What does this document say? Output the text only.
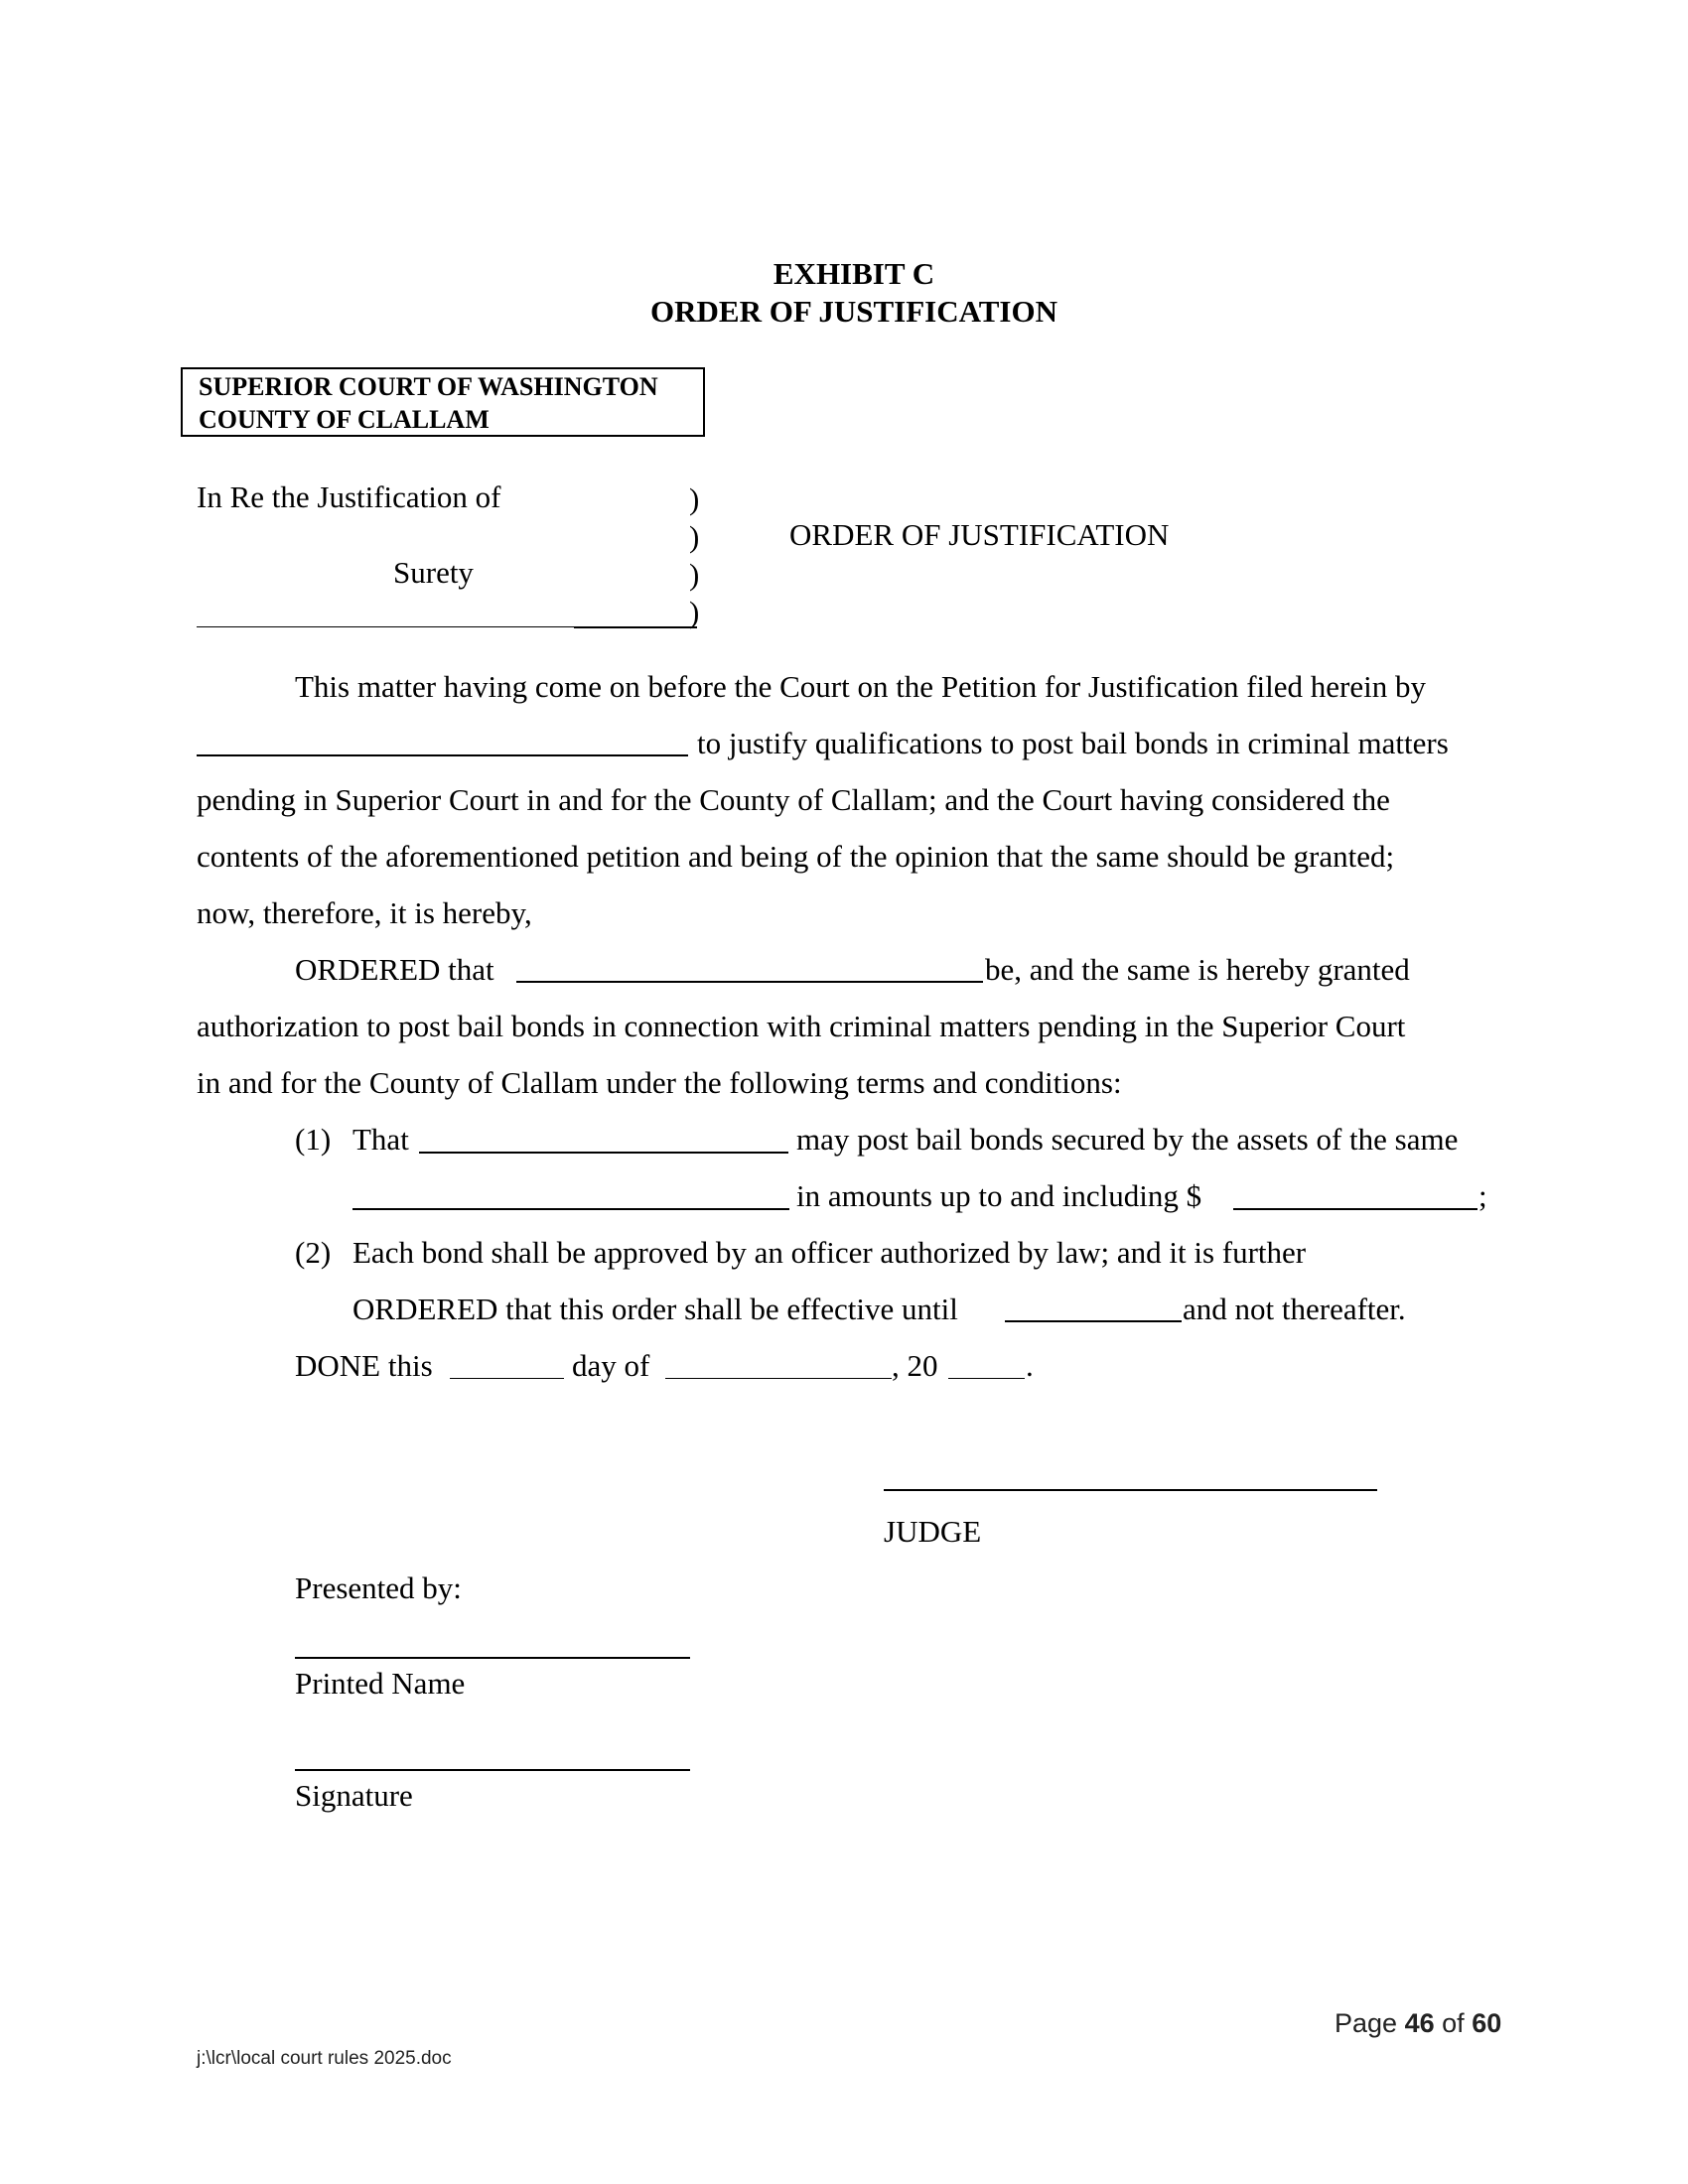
EXHIBIT C
ORDER OF JUSTIFICATION
SUPERIOR COURT OF WASHINGTON
COUNTY OF CLALLAM
In Re the Justification of
Surety
)
)
)
)
ORDER OF JUSTIFICATION
This matter having come on before the Court on the Petition for Justification filed herein by
to justify qualifications to post bail bonds in criminal matters
pending in Superior Court in and for the County of Clallam; and the Court having considered the
contents of the aforementioned petition and being of the opinion that the same should be granted;
now, therefore, it is hereby,
ORDERED that	be, and the same is hereby granted
authorization to post bail bonds in connection with criminal matters pending in the Superior Court
in and for the County of Clallam under the following terms and conditions:
(1) That	may post bail bonds secured by the assets of the same
in amounts up to and including $	;
(2) Each bond shall be approved by an officer authorized by law; and it is further
ORDERED that this order shall be effective until	and not thereafter.
DONE this	day of	, 20	.
JUDGE
Presented by:
Printed Name
Signature
Page 46 of 60
j:\lcr\local court rules 2025.doc
